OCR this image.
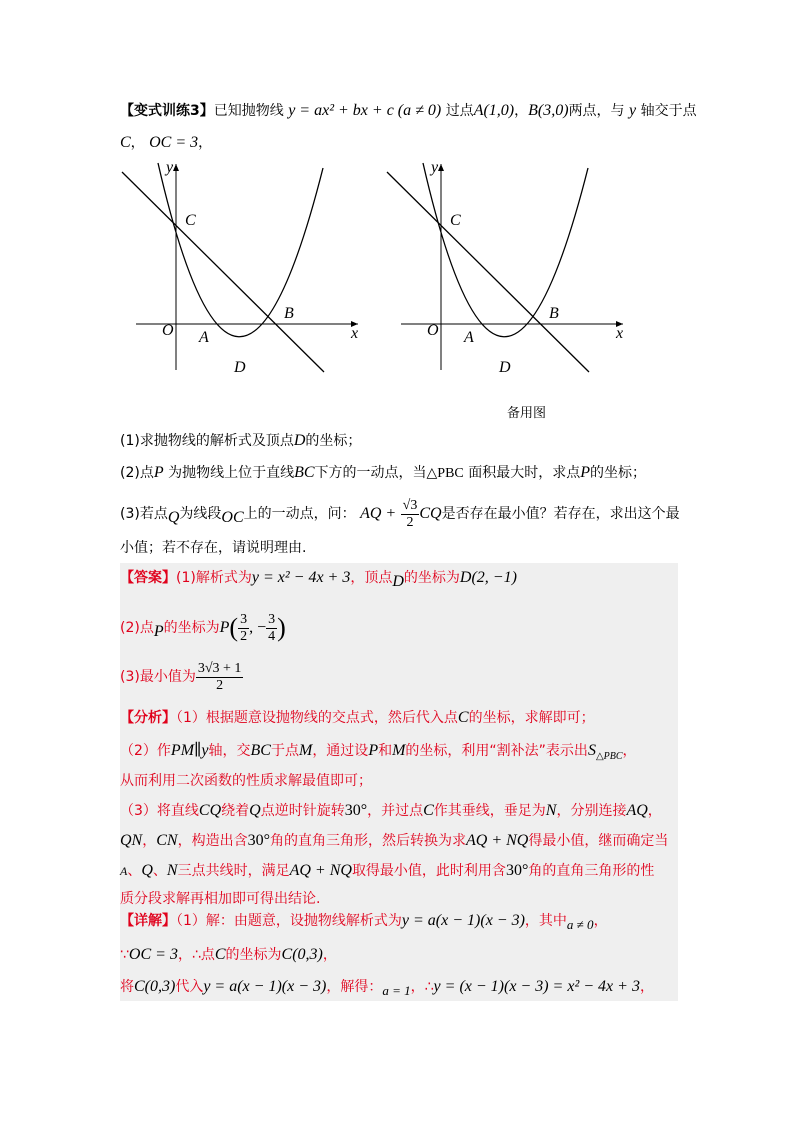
【变式训练3】已知抛物线 y = ax² + bx + c (a ≠ 0) 过点A(1,0)，B(3,0)两点，与 y 轴交于点
C， OC = 3，
y
x
C
O A
B
D
y
x
C
O A
B
D
备用图
(1)求抛物线的解析式及顶点D的坐标；
(2)点P 为抛物线上位于直线BC下方的一动点，当△PBC 面积最大时，求点P的坐标；
(3)若点Q为线段OC上的一动点，问： AQ + $\frac{√3}{2}$ CQ是否存在最小值？若存在，求出这个最
小值；若不存在，请说明理由.
【答案】(1)解析式为y = x² − 4x + 3，顶点D的坐标为D(2, −1)
(2)点P的坐标为$P( \frac{3}{2}$ , − $\frac{3}{4}$ )
(3)最小值为 $\frac{3√3 + 1}{2}$
【分析】（1）根据题意设抛物线的交点式，然后代入点C的坐标，求解即可；
（2）作PM∥y轴，交BC于点M，通过设P和M的坐标，利用“割补法”表示出$S_{\triangle PBC}$，
从而利用二次函数的性质求解最值即可；
（3）将直线CQ绕着Q点逆时针旋转30°，并过点C作其垂线，垂足为N，分别连接AQ，
QN，CN，构造出含30°角的直角三角形，然后转换为求AQ + NQ得最小值，继而确定当
A、Q、N三点共线时，满足AQ + NQ取得最小值，此时利用含30°角的直角三角形的性
质分段求解再相加即可得出结论.
【详解】（1）解：由题意，设抛物线解析式为y = a(x − 1)(x − 3)，其中a ≠ 0，
∵OC = 3，∴点C的坐标为C(0,3)，
将C(0,3)代入y = a(x − 1)(x − 3)，解得：a = 1，∴y = (x − 1)(x − 3) = x² − 4x + 3，
